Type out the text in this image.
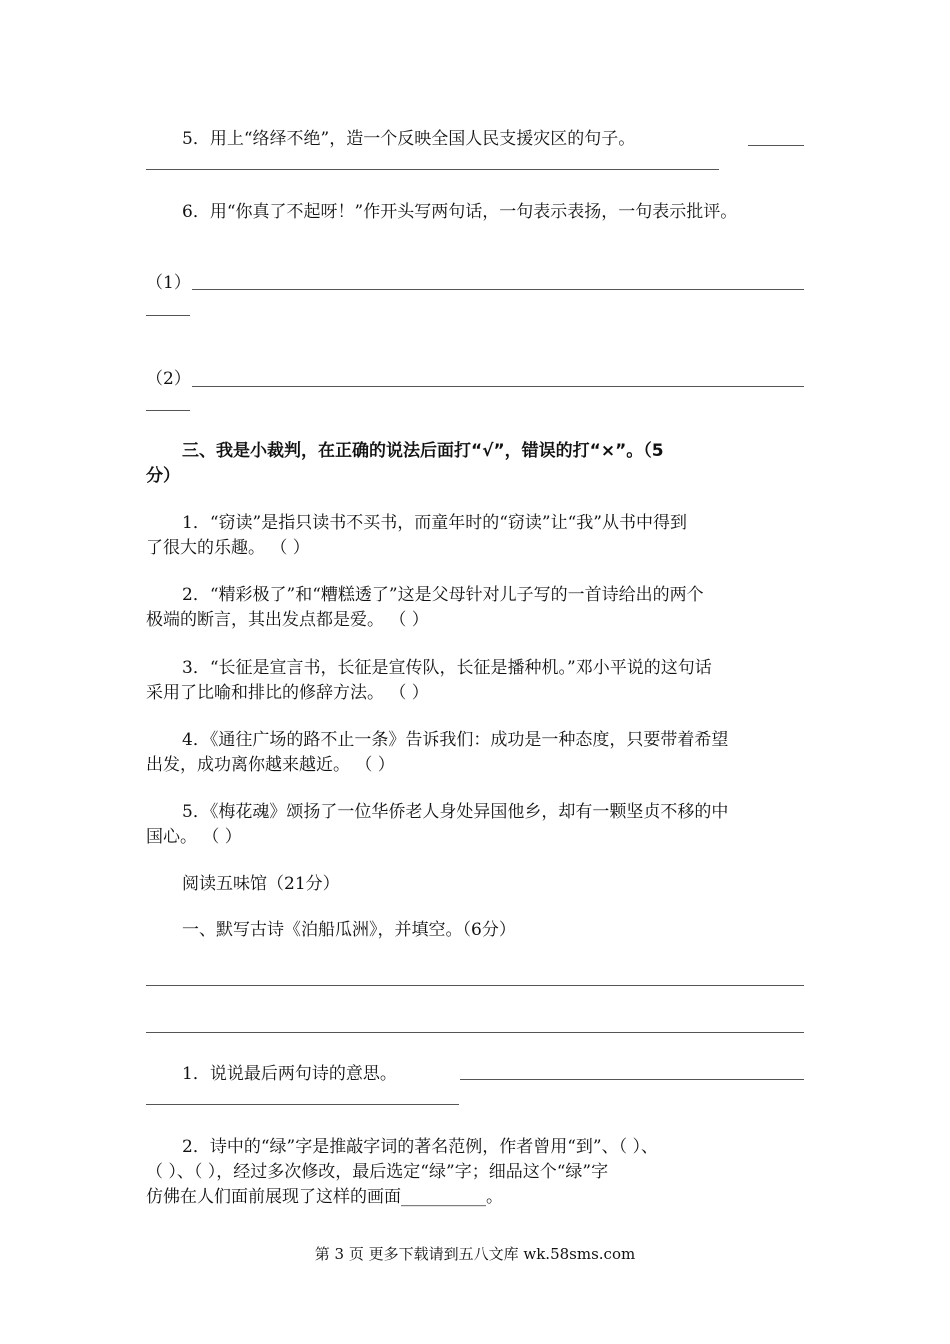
5．用上“络绎不绝”，造一个反映全国人民支援灾区的句子。
6．用“你真了不起呀！”作开头写两句话，一句表示表扬，一句表示批评。
（1）
（2）
三、我是小裁判，在正确的说法后面打“√”，错误的打“×”。（5
分）
1．“窃读”是指只读书不买书，而童年时的“窃读”让“我”从书中得到
了很大的乐趣。 （ ）
2．“精彩极了”和“糟糕透了”这是父母针对儿子写的一首诗给出的两个
极端的断言，其出发点都是爱。 （ ）
3．“长征是宣言书，长征是宣传队，长征是播种机。”邓小平说的这句话
采用了比喻和排比的修辞方法。 （ ）
4．《通往广场的路不止一条》告诉我们：成功是一种态度，只要带着希望
出发，成功离你越来越近。 （ ）
5．《梅花魂》颂扬了一位华侨老人身处异国他乡，却有一颗坚贞不移的中
国心。 （ ）
阅读五味馆（21分）
一、默写古诗《泊船瓜洲》，并填空。（6分）
1．说说最后两句诗的意思。
2．诗中的“绿”字是推敲字词的著名范例，作者曾用“到”、（ ）、
（ ）、（ ），经过多次修改，最后选定“绿”字；细品这个“绿”字
仿佛在人们面前展现了这样的画面__________。
第 3 页 更多下载请到五八文库 wk.58sms.com
